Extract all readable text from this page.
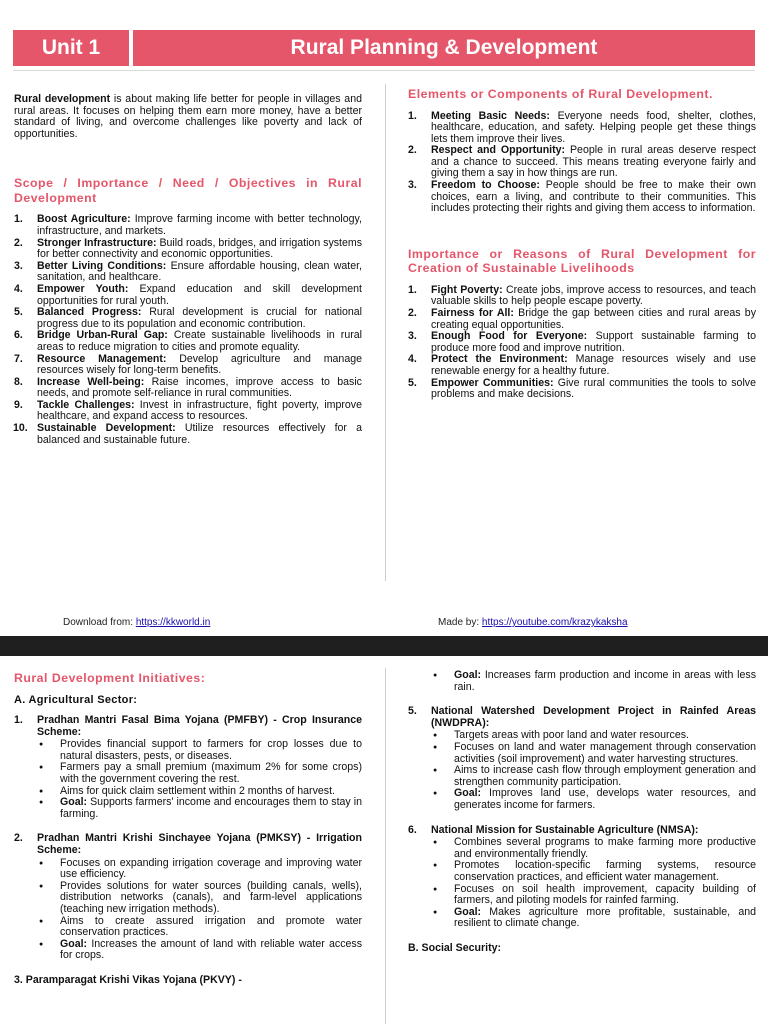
Unit 1	Rural Planning & Development

Rural development is about making life better for people in villages and rural areas. It focuses on helping them earn more money, have a better standard of living, and overcome challenges like poverty and lack of opportunities.

Scope / Importance / Need / Objectives in Rural Development
1. Boost Agriculture: Improve farming income with better technology, infrastructure, and markets.
2. Stronger Infrastructure: Build roads, bridges, and irrigation systems for better connectivity and economic opportunities.
3. Better Living Conditions: Ensure affordable housing, clean water, sanitation, and healthcare.
4. Empower Youth: Expand education and skill development opportunities for rural youth.
5. Balanced Progress: Rural development is crucial for national progress due to its population and economic contribution.
6. Bridge Urban-Rural Gap: Create sustainable livelihoods in rural areas to reduce migration to cities and promote equality.
7. Resource Management: Develop agriculture and manage resources wisely for long-term benefits.
8. Increase Well-being: Raise incomes, improve access to basic needs, and promote self-reliance in rural communities.
9. Tackle Challenges: Invest in infrastructure, fight poverty, improve healthcare, and expand access to resources.
10. Sustainable Development: Utilize resources effectively for a balanced and sustainable future.
Elements or Components of Rural Development.
1. Meeting Basic Needs: Everyone needs food, shelter, clothes, healthcare, education, and safety. Helping people get these things lets them improve their lives.
2. Respect and Opportunity: People in rural areas deserve respect and a chance to succeed. This means treating everyone fairly and giving them a say in how things are run.
3. Freedom to Choose: People should be free to make their own choices, earn a living, and contribute to their communities. This includes protecting their rights and giving them access to information.
Importance or Reasons of Rural Development for Creation of Sustainable Livelihoods
1. Fight Poverty: Create jobs, improve access to resources, and teach valuable skills to help people escape poverty.
2. Fairness for All: Bridge the gap between cities and rural areas by creating equal opportunities.
3. Enough Food for Everyone: Support sustainable farming to produce more food and improve nutrition.
4. Protect the Environment: Manage resources wisely and use renewable energy for a healthy future.
5. Empower Communities: Give rural communities the tools to solve problems and make decisions.
Download from: https://kkworld.in	Made by: https://youtube.com/krazykaksha
Rural Development Initiatives:
A. Agricultural Sector:
1. Pradhan Mantri Fasal Bima Yojana (PMFBY) - Crop Insurance Scheme:
● Provides financial support to farmers for crop losses due to natural disasters, pests, or diseases.
● Farmers pay a small premium (maximum 2% for some crops) with the government covering the rest.
● Aims for quick claim settlement within 2 months of harvest.
● Goal: Supports farmers' income and encourages them to stay in farming.
2. Pradhan Mantri Krishi Sinchayee Yojana (PMKSY) - Irrigation Scheme:
● Focuses on expanding irrigation coverage and improving water use efficiency.
● Provides solutions for water sources (building canals, wells), distribution networks (canals), and farm-level applications (teaching new irrigation methods).
● Aims to create assured irrigation and promote water conservation practices.
● Goal: Increases the amount of land with reliable water access for crops.
3. Paramparagat Krishi Vikas Yojana (PKVY) -
● Goal: Increases farm production and income in areas with less rain.
5. National Watershed Development Project in Rainfed Areas (NWDPRA):
● Targets areas with poor land and water resources.
● Focuses on land and water management through conservation activities (soil improvement) and water harvesting structures.
● Aims to increase cash flow through employment generation and strengthen community participation.
● Goal: Improves land use, develops water resources, and generates income for farmers.
6. National Mission for Sustainable Agriculture (NMSA):
● Combines several programs to make farming more productive and environmentally friendly.
● Promotes location-specific farming systems, resource conservation practices, and efficient water management.
● Focuses on soil health improvement, capacity building of farmers, and piloting models for rainfed farming.
● Goal: Makes agriculture more profitable, sustainable, and resilient to climate change.
B. Social Security:
